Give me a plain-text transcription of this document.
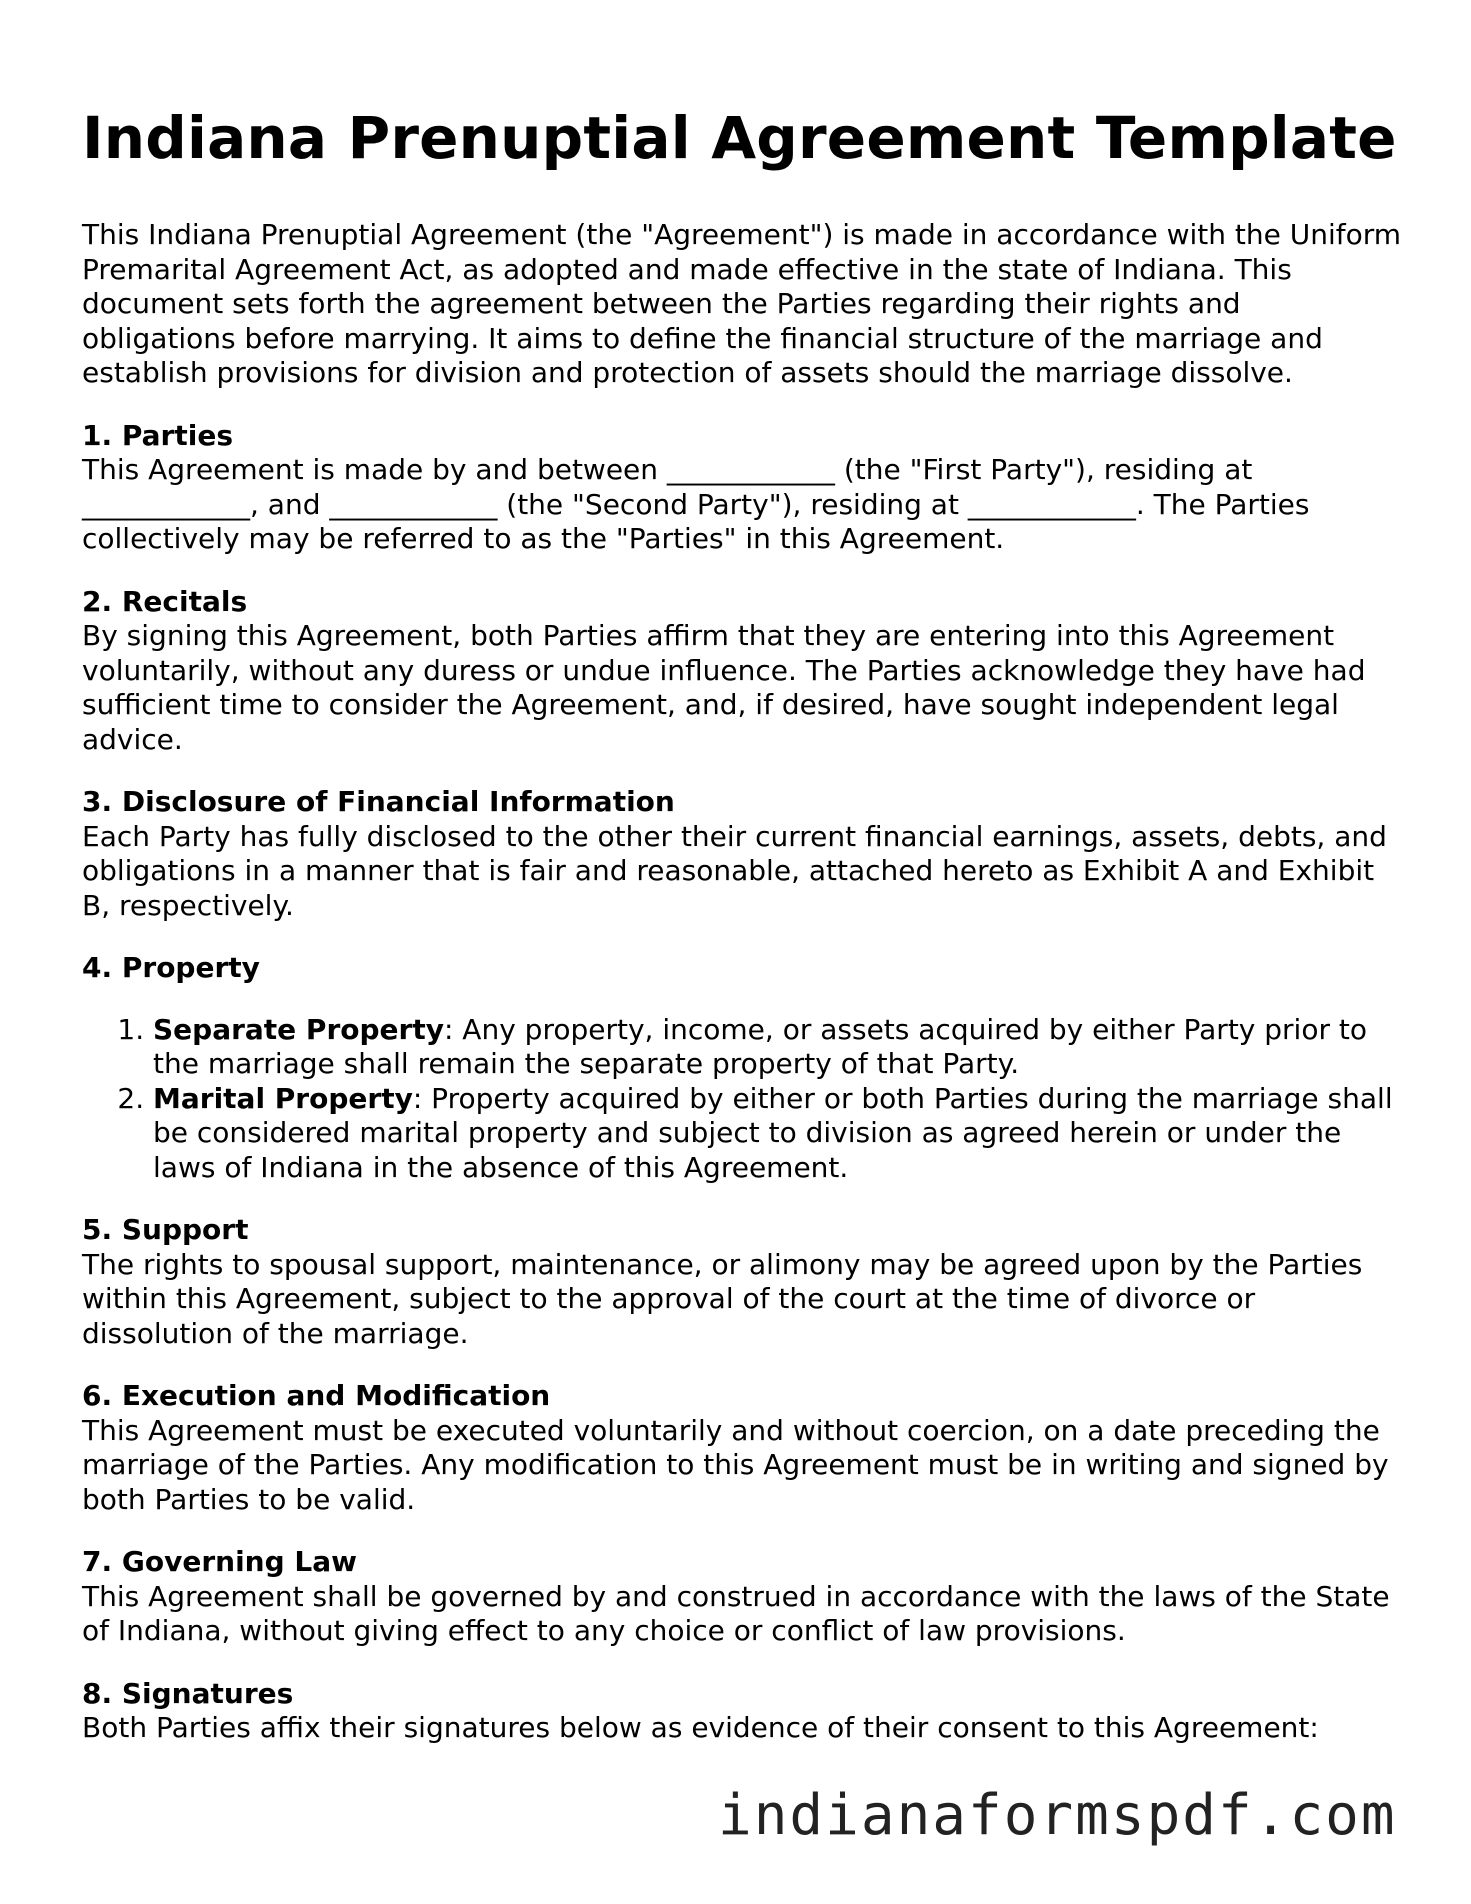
Indiana Prenuptial Agreement Template

This Indiana Prenuptial Agreement (the "Agreement") is made in accordance with the Uniform Premarital Agreement Act, as adopted and made effective in the state of Indiana. This document sets forth the agreement between the Parties regarding their rights and obligations before marrying. It aims to define the financial structure of the marriage and establish provisions for division and protection of assets should the marriage dissolve.

1. Parties

This Agreement is made by and between ____________ (the "First Party"), residing at ____________, and ____________ (the "Second Party"), residing at ____________. The Parties collectively may be referred to as the "Parties" in this Agreement.

2. Recitals

By signing this Agreement, both Parties affirm that they are entering into this Agreement voluntarily, without any duress or undue influence. The Parties acknowledge they have had sufficient time to consider the Agreement, and, if desired, have sought independent legal advice.

3. Disclosure of Financial Information

Each Party has fully disclosed to the other their current financial earnings, assets, debts, and obligations in a manner that is fair and reasonable, attached hereto as Exhibit A and Exhibit B, respectively.

4. Property

1. Separate Property: Any property, income, or assets acquired by either Party prior to the marriage shall remain the separate property of that Party.
2. Marital Property: Property acquired by either or both Parties during the marriage shall be considered marital property and subject to division as agreed herein or under the laws of Indiana in the absence of this Agreement.

5. Support

The rights to spousal support, maintenance, or alimony may be agreed upon by the Parties within this Agreement, subject to the approval of the court at the time of divorce or dissolution of the marriage.

6. Execution and Modification

This Agreement must be executed voluntarily and without coercion, on a date preceding the marriage of the Parties. Any modification to this Agreement must be in writing and signed by both Parties to be valid.

7. Governing Law

This Agreement shall be governed by and construed in accordance with the laws of the State of Indiana, without giving effect to any choice or conflict of law provisions.

8. Signatures

Both Parties affix their signatures below as evidence of their consent to this Agreement:

indianaformspdf.com
